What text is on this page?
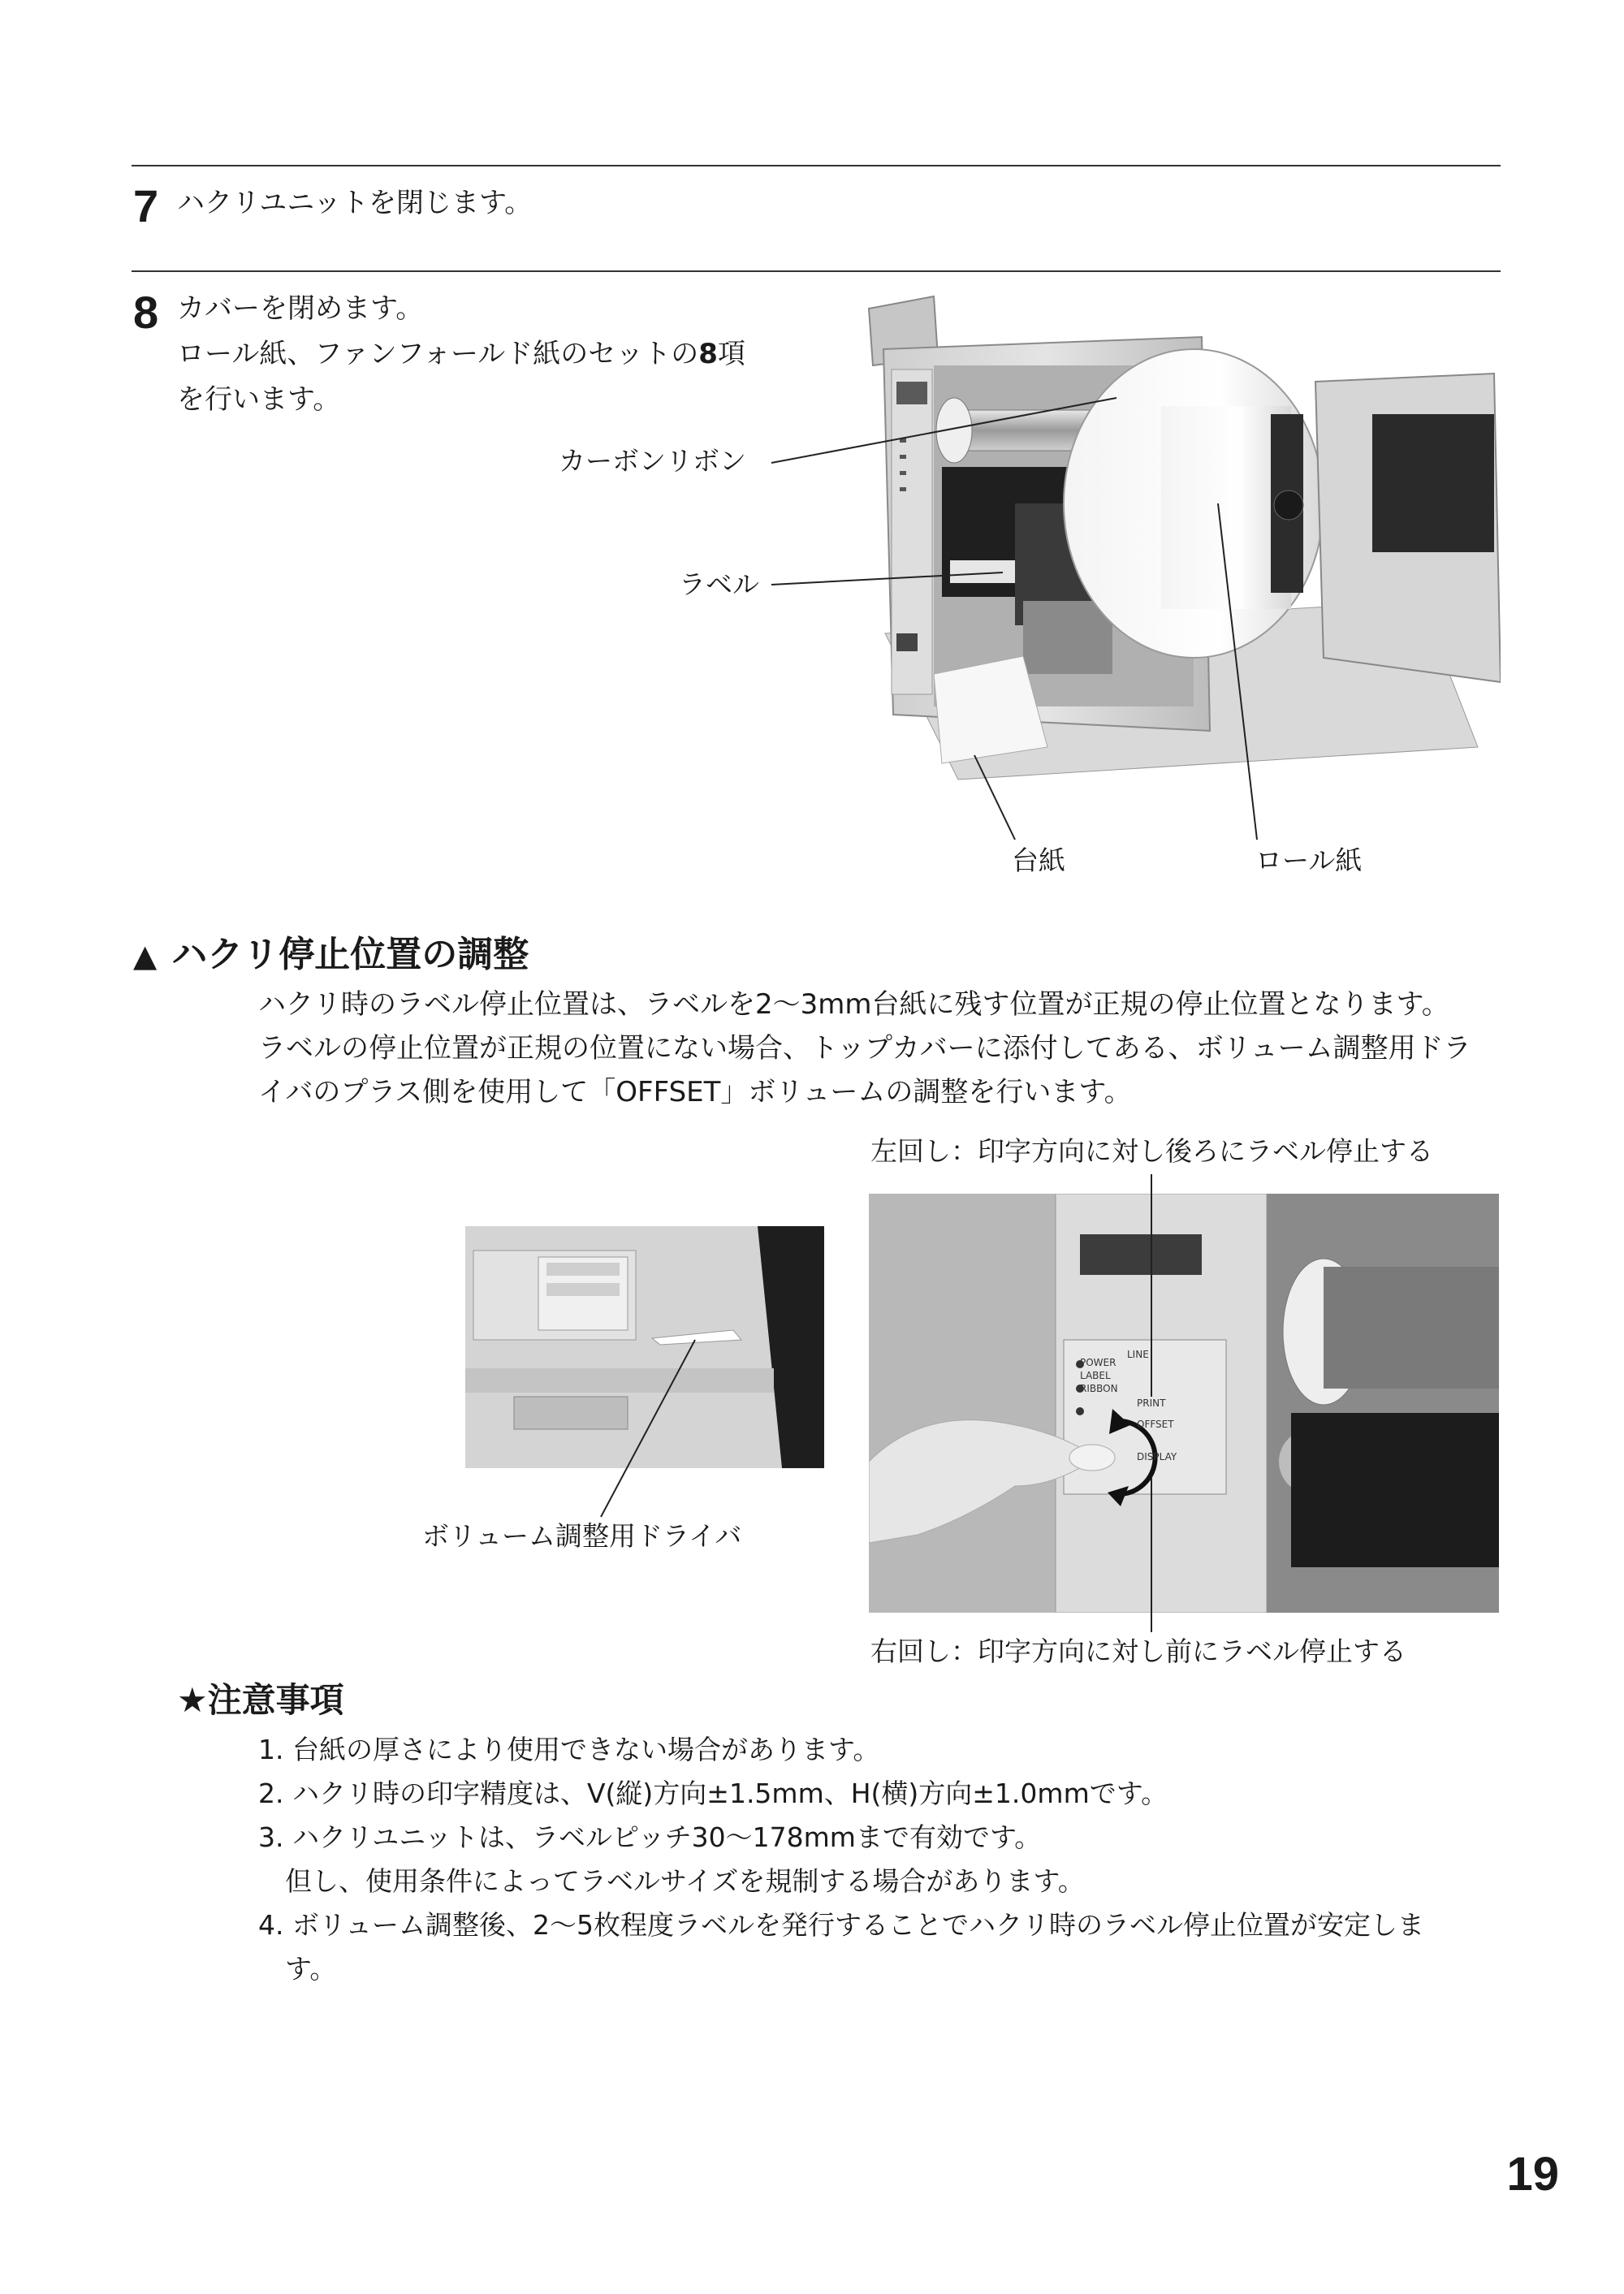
7 ハクリユニットを閉じます。
8 カバーを閉めます。
ロール紙、ファンフォールド紙のセットの8項
を行います。
カーボンリボン
ラベル
台紙	ロール紙
▲ ハクリ停止位置の調整
ハクリ時のラベル停止位置は、ラベルを2～3mm台紙に残す位置が正規の停止位置となります。
ラベルの停止位置が正規の位置にない場合、トップカバーに添付してある、ボリューム調整用ドラ
イバのプラス側を使用して「OFFSET」ボリュームの調整を行います。
ボリューム調整用ドライバ
左回し：印字方向に対し後ろにラベル停止する
右回し：印字方向に対し前にラベル停止する
POWER
LABEL
RIBBON
LINE
PRINT
OFFSET
DISPLAY
★注意事項
1. 台紙の厚さにより使用できない場合があります。
2. ハクリ時の印字精度は、V(縦)方向±1.5mm、H(横)方向±1.0mmです。
3. ハクリユニットは、ラベルピッチ30～178mmまで有効です。
　但し、使用条件によってラベルサイズを規制する場合があります。
4. ボリューム調整後、2～5枚程度ラベルを発行することでハクリ時のラベル停止位置が安定しま
　す。
19
